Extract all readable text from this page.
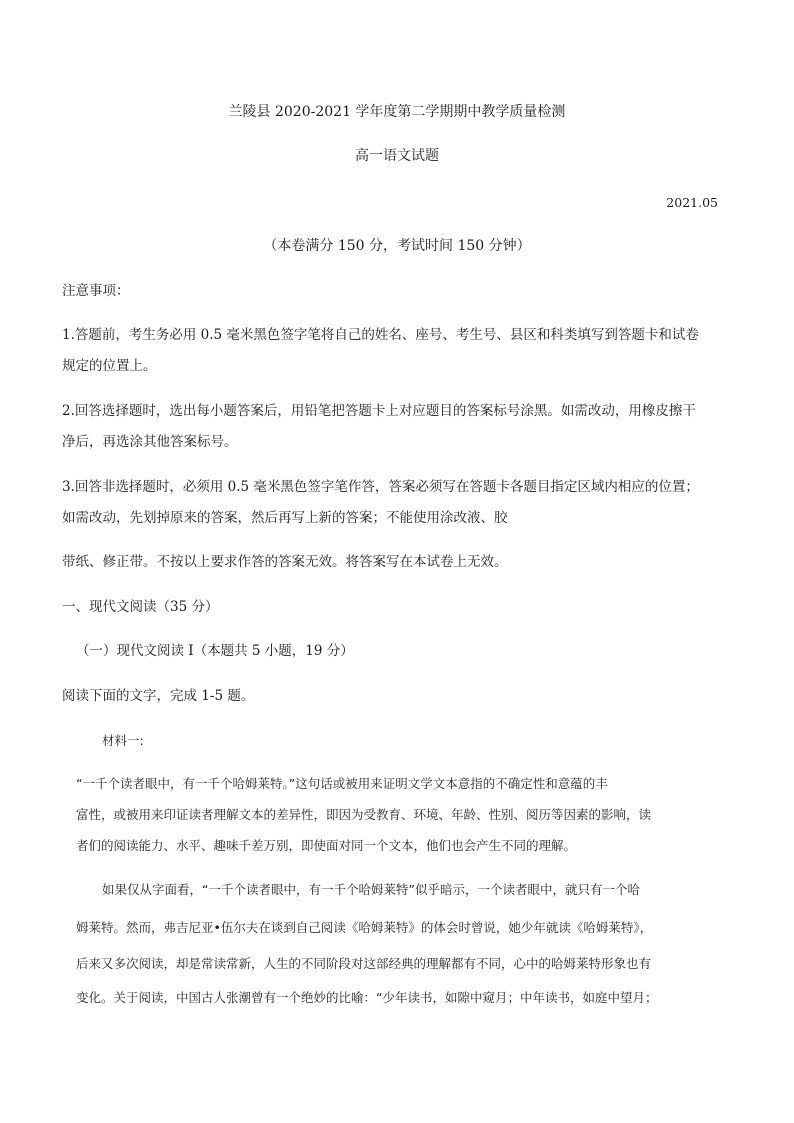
兰陵县 2020-2021 学年度第二学期期中教学质量检测
高一语文试题
2021.05
（本卷满分 150 分，考试时间 150 分钟）
注意事项：
1.答题前，考生务必用 0.5 毫米黑色签字笔将自己的姓名、座号、考生号、县区和科类填写到答题卡和试卷
规定的位置上。
2.回答选择题时，选出每小题答案后，用铅笔把答题卡上对应题目的答案标号涂黑。如需改动，用橡皮擦干
净后，再选涂其他答案标号。
3.回答非选择题时，必须用 0.5 毫米黑色签字笔作答，答案必须写在答题卡各题目指定区域内相应的位置；
如需改动，先划掉原来的答案，然后再写上新的答案；不能使用涂改液、胶
带纸、修正带。不按以上要求作答的答案无效。将答案写在本试卷上无效。
一、现代文阅读（35 分）
（一）现代文阅读 I（本题共 5 小题，19 分）
阅读下面的文字，完成 1-5 题。
材料一:
“一千个读者眼中，有一千个哈姆莱特。”这句话或被用来证明文学文本意指的不确定性和意蕴的丰
富性，或被用来印证读者理解文本的差异性，即因为受教育、环境、年龄、性别、阅历等因素的影响，读
者们的阅读能力、水平、趣味千差万别，即使面对同一个文本，他们也会产生不同的理解。
如果仅从字面看，“一千个读者眼中，有一千个哈姆莱特”似乎暗示，一个读者眼中，就只有一个哈
姆莱特。然而，弗吉尼亚•伍尔夫在谈到自己阅读《哈姆莱特》的体会时曾说，她少年就读《哈姆莱特》，
后来又多次阅读，却是常读常新，人生的不同阶段对这部经典的理解都有不同，心中的哈姆莱特形象也有
变化。关于阅读，中国古人张潮曾有一个绝妙的比喻：“少年读书，如隙中窥月；中年读书，如庭中望月；
